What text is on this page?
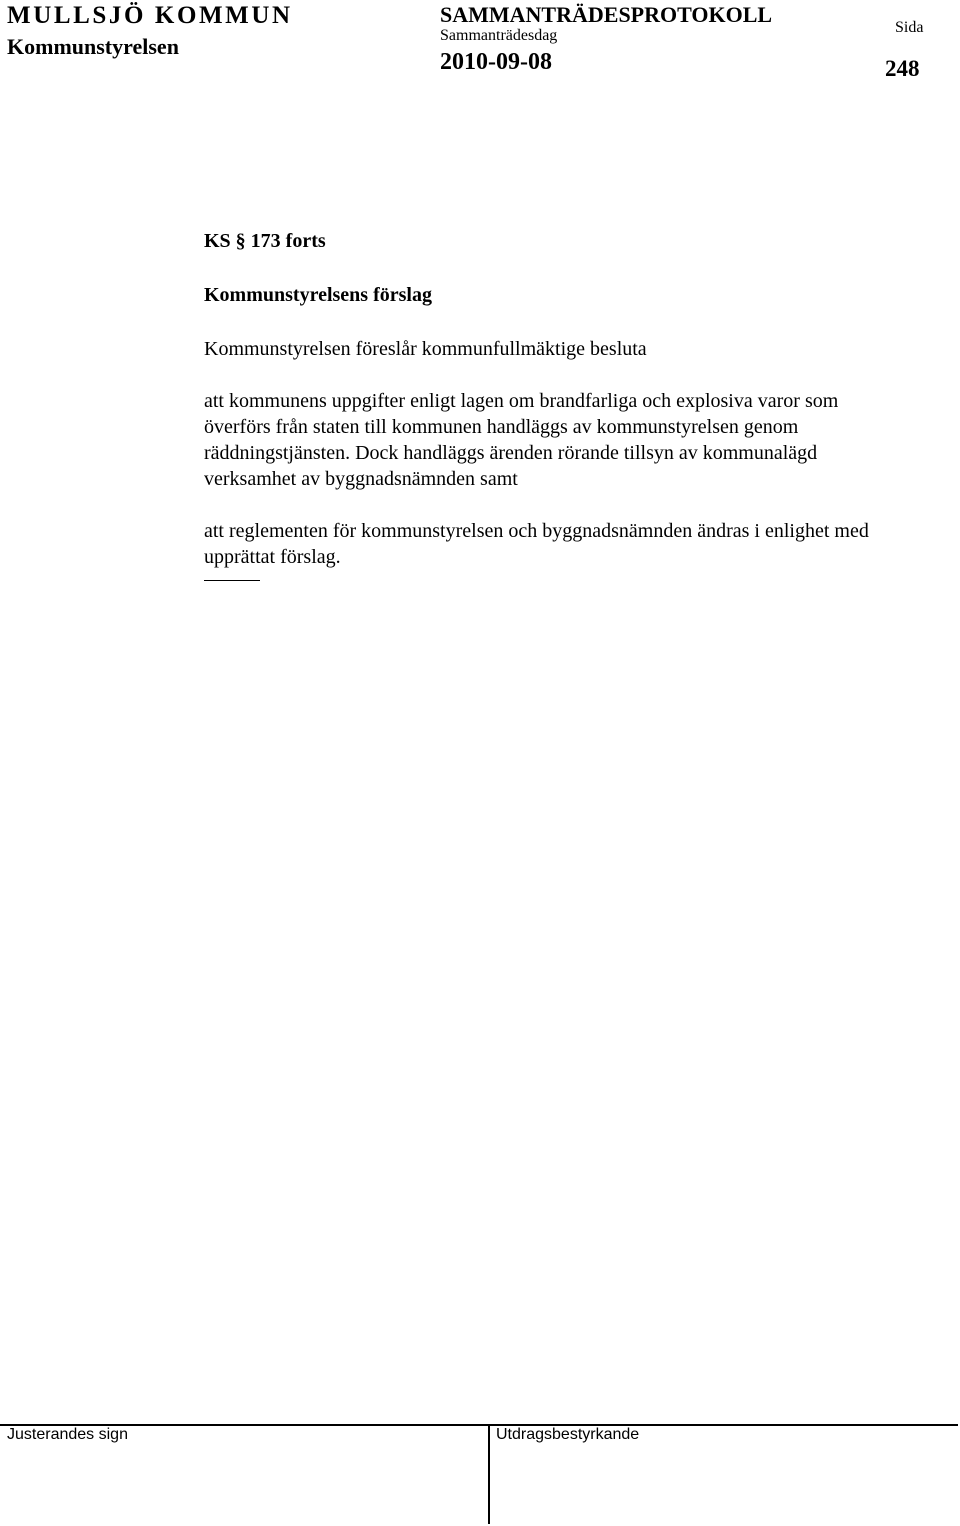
MULLSJÖ KOMMUN
Kommunstyrelsen
SAMMANTRÄDESPROTOKOLL
Sammanträdesdag
2010-09-08
Sida
248

KS § 173 forts

Kommunstyrelsens förslag

Kommunstyrelsen föreslår kommunfullmäktige besluta

att kommunens uppgifter enligt lagen om brandfarliga och explosiva varor som överförs från staten till kommunen handläggs av kommunstyrelsen genom räddningstjänsten. Dock handläggs ärenden rörande tillsyn av kommunalägd verksamhet av byggnadsnämnden samt

att reglementen för kommunstyrelsen och byggnadsnämnden ändras i enlighet med upprättat förslag.

Justerandes sign	Utdragsbestyrkande
